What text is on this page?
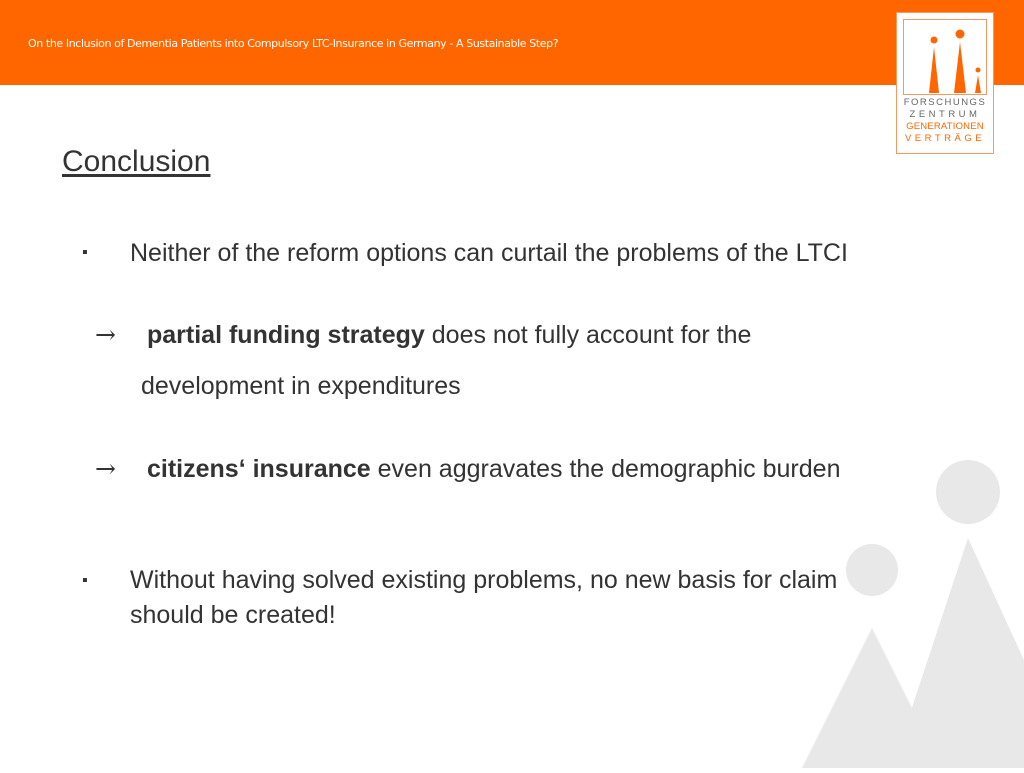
On the Inclusion of Dementia Patients into Compulsory LTC-Insurance in Germany - A Sustainable Step?
FORSCHUNGS
ZENTRUM
GENERATIONEN
VERTRÄGE
Conclusion
▪ Neither of the reform options can curtail the problems of the LTCI
→ partial funding strategy does not fully account for the
development in expenditures
→ citizens‘ insurance even aggravates the demographic burden
▪ Without having solved existing problems, no new basis for claim
should be created!
